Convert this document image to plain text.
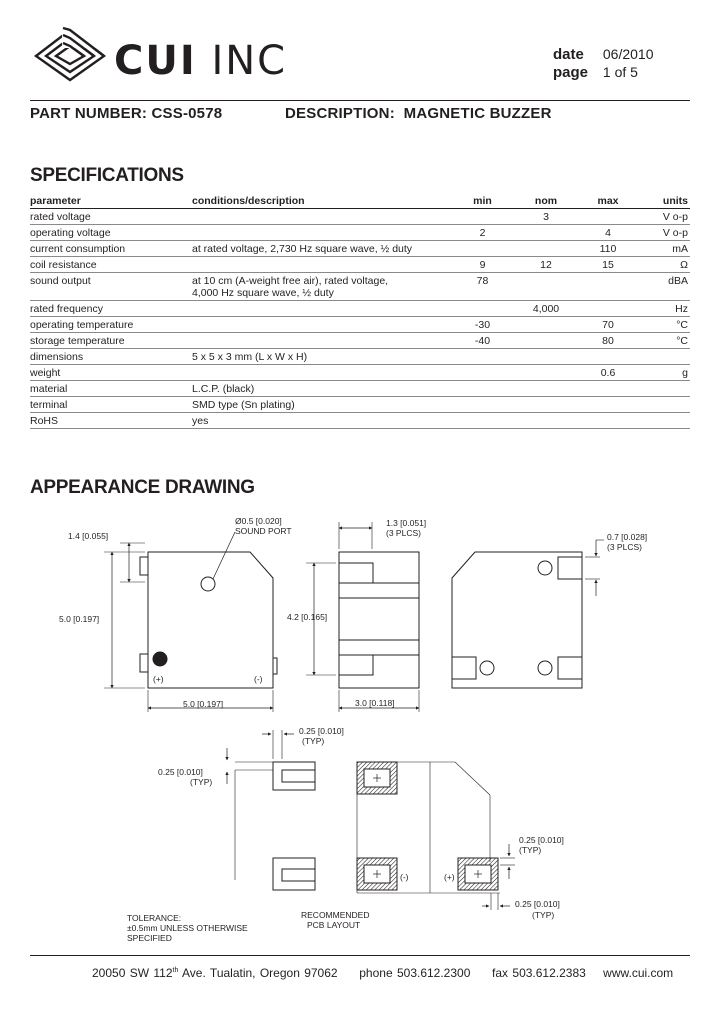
CUI INC	date 06/2010
page 1 of 5
PART NUMBER: CSS-0578	DESCRIPTION: MAGNETIC BUZZER
SPECIFICATIONS
parameter	conditions/description	min	nom	max	units
rated voltage			3		V o-p
operating voltage		2		4	V o-p
current consumption	at rated voltage, 2,730 Hz square wave, ½ duty			110	mA
coil resistance		9	12	15	Ω
sound output	at 10 cm (A-weight free air), rated voltage,
4,000 Hz square wave, ½ duty	78			dBA
rated frequency			4,000		Hz
operating temperature		-30		70	°C
storage temperature		-40		80	°C
dimensions	5 x 5 x 3 mm (L x W x H)				
weight				0.6	g
material	L.C.P. (black)				
terminal	SMD type (Sn plating)				
RoHS	yes				
APPEARANCE DRAWING
1.4 [0.055]
Ø0.5 [0.020]
SOUND PORT
5.0 [0.197]
5.0 [0.197]
(+)	(-)
1.3 [0.051]
(3 PLCS)
4.2 [0.165]
3.0 [0.118]
0.7 [0.028]
(3 PLCS)
0.25 [0.010]
(TYP)
0.25 [0.010]
(TYP)
0.25 [0.010]
(TYP)
0.25 [0.010]
(TYP)
(-)	(+)
TOLERANCE:
±0.5mm UNLESS OTHERWISE
SPECIFIED
RECOMMENDED
PCB LAYOUT
20050 SW 112th Ave. Tualatin, Oregon 97062 phone 503.612.2300 fax 503.612.2383 www.cui.com
